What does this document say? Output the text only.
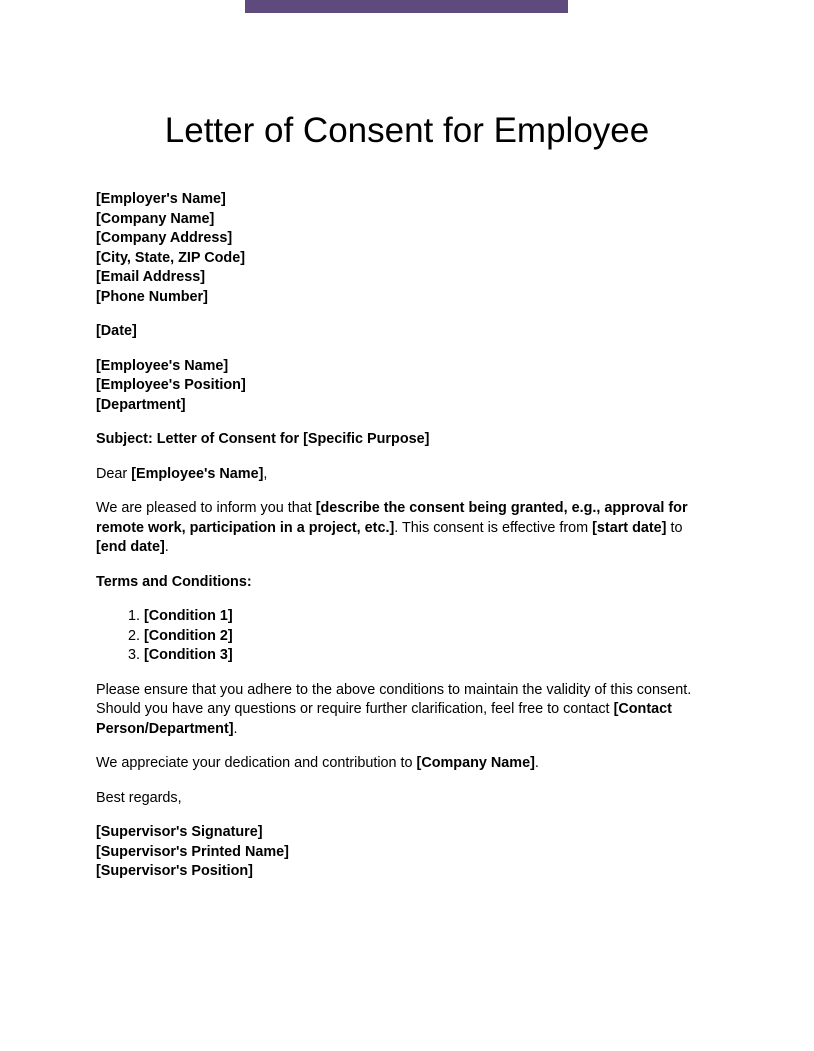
Letter of Consent for Employee
[Employer's Name]
[Company Name]
[Company Address]
[City, State, ZIP Code]
[Email Address]
[Phone Number]
[Date]
[Employee's Name]
[Employee's Position]
[Department]

Subject: Letter of Consent for [Specific Purpose]

Dear [Employee's Name],

We are pleased to inform you that [describe the consent being granted, e.g., approval for remote work, participation in a project, etc.]. This consent is effective from [start date] to [end date].

Terms and Conditions:

1. [Condition 1]
2. [Condition 2]
3. [Condition 3]

Please ensure that you adhere to the above conditions to maintain the validity of this consent. Should you have any questions or require further clarification, feel free to contact [Contact Person/Department].

We appreciate your dedication and contribution to [Company Name].

Best regards,

[Supervisor's Signature]
[Supervisor's Printed Name]
[Supervisor's Position]
